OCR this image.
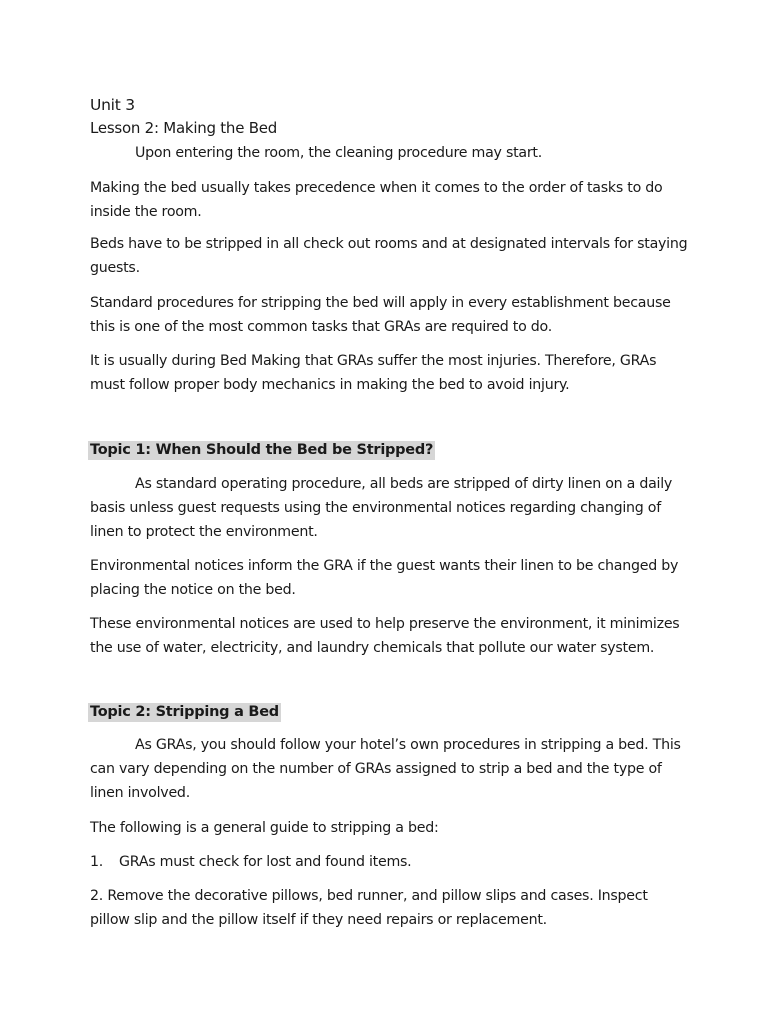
Unit 3

Lesson 2: Making the Bed

Upon entering the room, the cleaning procedure may start.

Making the bed usually takes precedence when it comes to the order of tasks to do inside the room.

Beds have to be stripped in all check out rooms and at designated intervals for staying guests.

Standard procedures for stripping the bed will apply in every establishment because this is one of the most common tasks that GRAs are required to do.

It is usually during Bed Making that GRAs suffer the most injuries. Therefore, GRAs must follow proper body mechanics in making the bed to avoid injury.

Topic 1: When Should the Bed be Stripped?

As standard operating procedure, all beds are stripped of dirty linen on a daily basis unless guest requests using the environmental notices regarding changing of linen to protect the environment.

Environmental notices inform the GRA if the guest wants their linen to be changed by placing the notice on the bed.

These environmental notices are used to help preserve the environment, it minimizes the use of water, electricity, and laundry chemicals that pollute our water system.

Topic 2: Stripping a Bed

As GRAs, you should follow your hotel’s own procedures in stripping a bed. This can vary depending on the number of GRAs assigned to strip a bed and the type of linen involved.

The following is a general guide to stripping a bed:

1. GRAs must check for lost and found items.
2. Remove the decorative pillows, bed runner, and pillow slips and cases. Inspect pillow slip and the pillow itself if they need repairs or replacement.
